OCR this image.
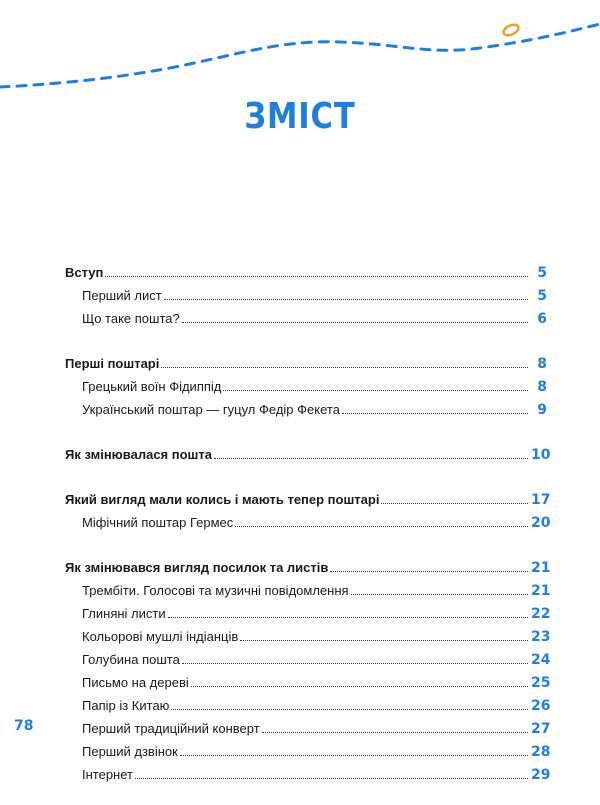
ЗМІСТ
Вступ	5
Перший лист	5
Що таке пошта?	6
Перші поштарі	8
Грецький воїн Фідиппід	8
Український поштар — гуцул Федір Фекета	9
Як змінювалася пошта	10
Який вигляд мали колись і мають тепер поштарі	17
Міфічний поштар Гермес	20
Як змінювався вигляд посилок та листів	21
Трембіти. Голосові та музичні повідомлення	21
Глиняні листи	22
Кольорові мушлі індіанців	23
Голубина пошта	24
Письмо на дереві	25
Папір із Китаю	26
Перший традиційний конверт	27
Перший дзвінок	28
Інтернет	29
78
